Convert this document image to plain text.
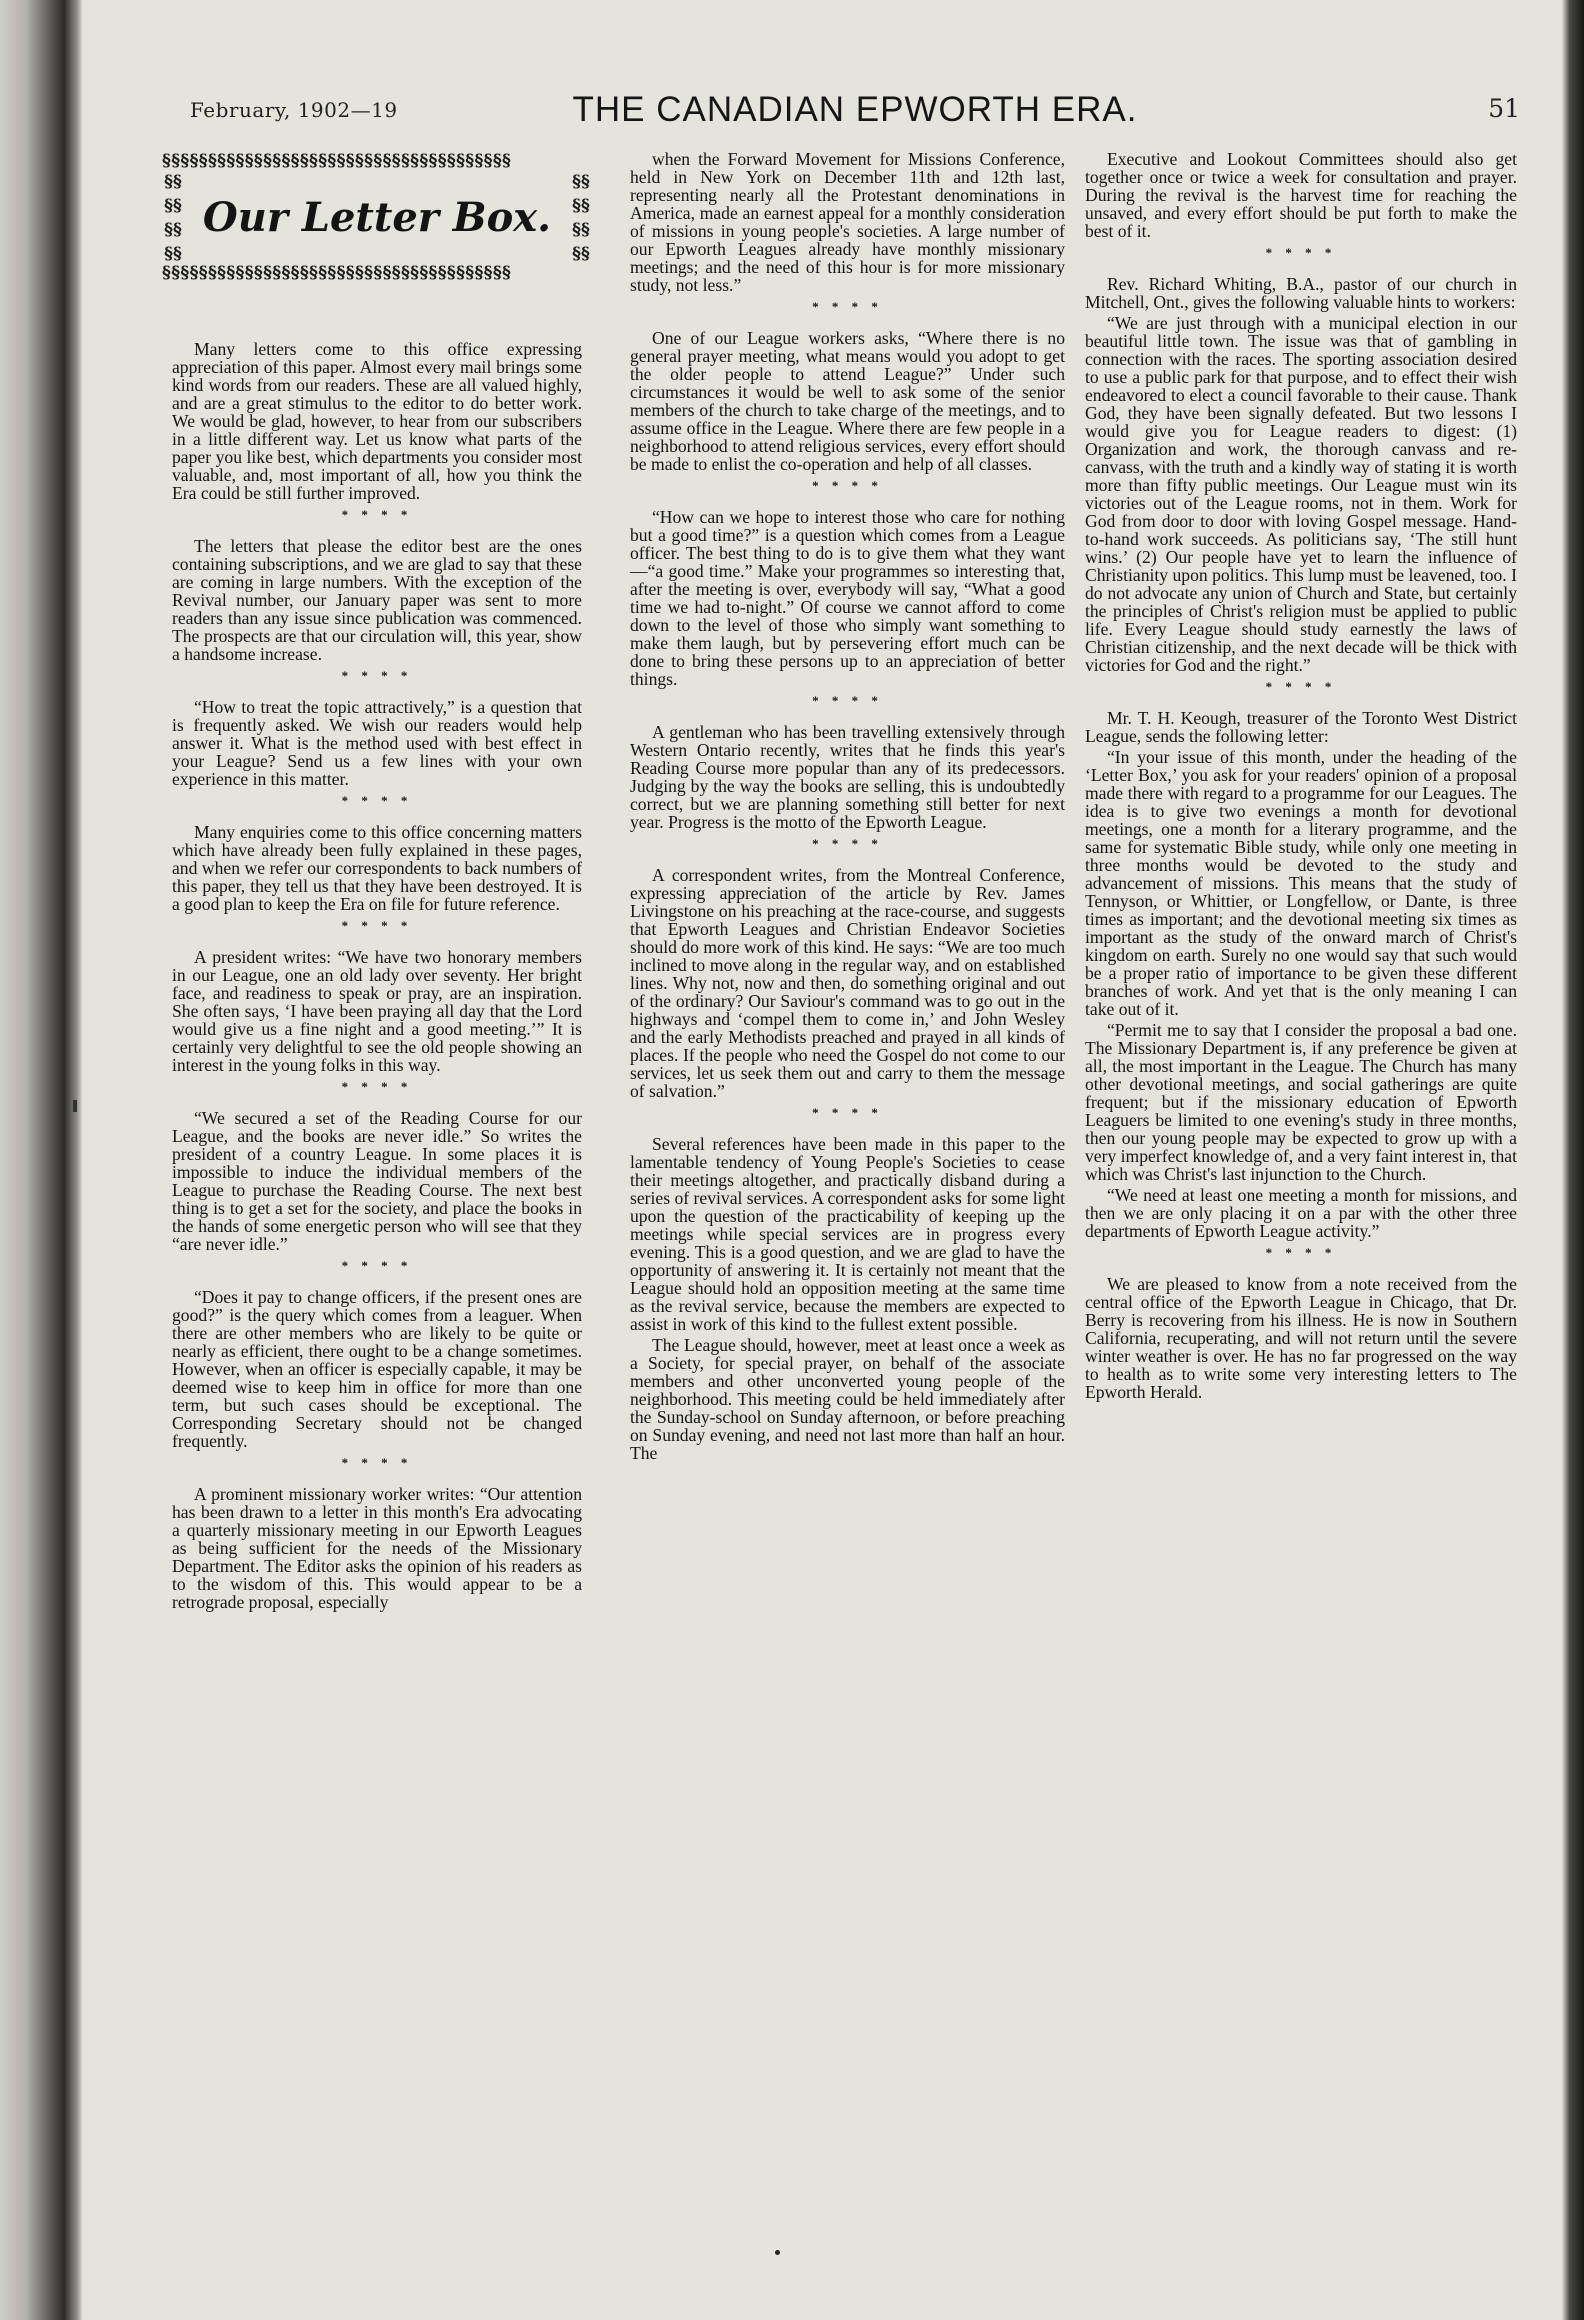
February, 1902—19	THE CANADIAN EPWORTH ERA.	51
§§§§§§§§§§§§§§§§§§§§§§§§§§§§§§§§§§§§§§
§§ §§ §§ §§
Our Letter Box.
§§ §§ §§ §§
§§§§§§§§§§§§§§§§§§§§§§§§§§§§§§§§§§§§§§

Many letters come to this office expressing appreciation of this paper. Almost every mail brings some kind words from our readers. These are all valued highly, and are a great stimulus to the editor to do better work. We would be glad, however, to hear from our subscribers in a little different way. Let us know what parts of the paper you like best, which departments you consider most valuable, and, most important of all, how you think the Era could be still further improved.

* * * *

The letters that please the editor best are the ones containing subscriptions, and we are glad to say that these are coming in large numbers. With the exception of the Revival number, our January paper was sent to more readers than any issue since publication was commenced. The prospects are that our circulation will, this year, show a handsome increase.

* * * *

“How to treat the topic attractively,” is a question that is frequently asked. We wish our readers would help answer it. What is the method used with best effect in your League? Send us a few lines with your own experience in this matter.

* * * *

Many enquiries come to this office concerning matters which have already been fully explained in these pages, and when we refer our correspondents to back numbers of this paper, they tell us that they have been destroyed. It is a good plan to keep the Era on file for future reference.

* * * *

A president writes: “We have two honorary members in our League, one an old lady over seventy. Her bright face, and readiness to speak or pray, are an inspiration. She often says, ‘I have been praying all day that the Lord would give us a fine night and a good meeting.’” It is certainly very delightful to see the old people showing an interest in the young folks in this way.

* * * *

“We secured a set of the Reading Course for our League, and the books are never idle.” So writes the president of a country League. In some places it is impossible to induce the individual members of the League to purchase the Reading Course. The next best thing is to get a set for the society, and place the books in the hands of some energetic person who will see that they “are never idle.”

* * * *

“Does it pay to change officers, if the present ones are good?” is the query which comes from a leaguer. When there are other members who are likely to be quite or nearly as efficient, there ought to be a change sometimes. However, when an officer is especially capable, it may be deemed wise to keep him in office for more than one term, but such cases should be exceptional. The Corresponding Secretary should not be changed frequently.

* * * *

A prominent missionary worker writes: “Our attention has been drawn to a letter in this month's Era advocating a quarterly missionary meeting in our Epworth Leagues as being sufficient for the needs of the Missionary Department. The Editor asks the opinion of his readers as to the wisdom of this. This would appear to be a retrograde proposal, especially

when the Forward Movement for Missions Conference, held in New York on December 11th and 12th last, representing nearly all the Protestant denominations in America, made an earnest appeal for a monthly consideration of missions in young people's societies. A large number of our Epworth Leagues already have monthly missionary meetings; and the need of this hour is for more missionary study, not less.”

* * * *

One of our League workers asks, “Where there is no general prayer meeting, what means would you adopt to get the older people to attend League?” Under such circumstances it would be well to ask some of the senior members of the church to take charge of the meetings, and to assume office in the League. Where there are few people in a neighborhood to attend religious services, every effort should be made to enlist the co-operation and help of all classes.

* * * *

“How can we hope to interest those who care for nothing but a good time?” is a question which comes from a League officer. The best thing to do is to give them what they want—“a good time.” Make your programmes so interesting that, after the meeting is over, everybody will say, “What a good time we had to-night.” Of course we cannot afford to come down to the level of those who simply want something to make them laugh, but by persevering effort much can be done to bring these persons up to an appreciation of better things.

* * * *

A gentleman who has been travelling extensively through Western Ontario recently, writes that he finds this year's Reading Course more popular than any of its predecessors. Judging by the way the books are selling, this is undoubtedly correct, but we are planning something still better for next year. Progress is the motto of the Epworth League.

* * * *

A correspondent writes, from the Montreal Conference, expressing appreciation of the article by Rev. James Livingstone on his preaching at the race-course, and suggests that Epworth Leagues and Christian Endeavor Societies should do more work of this kind. He says: “We are too much inclined to move along in the regular way, and on established lines. Why not, now and then, do something original and out of the ordinary? Our Saviour's command was to go out in the highways and ‘compel them to come in,’ and John Wesley and the early Methodists preached and prayed in all kinds of places. If the people who need the Gospel do not come to our services, let us seek them out and carry to them the message of salvation.”

* * * *

Several references have been made in this paper to the lamentable tendency of Young People's Societies to cease their meetings altogether, and practically disband during a series of revival services. A correspondent asks for some light upon the question of the practicability of keeping up the meetings while special services are in progress every evening. This is a good question, and we are glad to have the opportunity of answering it. It is certainly not meant that the League should hold an opposition meeting at the same time as the revival service, because the members are expected to assist in work of this kind to the fullest extent possible.

The League should, however, meet at least once a week as a Society, for special prayer, on behalf of the associate members and other unconverted young people of the neighborhood. This meeting could be held immediately after the Sunday-school on Sunday afternoon, or before preaching on Sunday evening, and need not last more than half an hour. The

Executive and Lookout Committees should also get together once or twice a week for consultation and prayer. During the revival is the harvest time for reaching the unsaved, and every effort should be put forth to make the best of it.

* * * *

Rev. Richard Whiting, B.A., pastor of our church in Mitchell, Ont., gives the following valuable hints to workers:

“We are just through with a municipal election in our beautiful little town. The issue was that of gambling in connection with the races. The sporting association desired to use a public park for that purpose, and to effect their wish endeavored to elect a council favorable to their cause. Thank God, they have been signally defeated. But two lessons I would give you for League readers to digest: (1) Organization and work, the thorough canvass and re-canvass, with the truth and a kindly way of stating it is worth more than fifty public meetings. Our League must win its victories out of the League rooms, not in them. Work for God from door to door with loving Gospel message. Hand-to-hand work succeeds. As politicians say, ‘The still hunt wins.’ (2) Our people have yet to learn the influence of Christianity upon politics. This lump must be leavened, too. I do not advocate any union of Church and State, but certainly the principles of Christ's religion must be applied to public life. Every League should study earnestly the laws of Christian citizenship, and the next decade will be thick with victories for God and the right.”

* * * *

Mr. T. H. Keough, treasurer of the Toronto West District League, sends the following letter:

“In your issue of this month, under the heading of the ‘Letter Box,’ you ask for your readers' opinion of a proposal made there with regard to a programme for our Leagues. The idea is to give two evenings a month for devotional meetings, one a month for a literary programme, and the same for systematic Bible study, while only one meeting in three months would be devoted to the study and advancement of missions. This means that the study of Tennyson, or Whittier, or Longfellow, or Dante, is three times as important; and the devotional meeting six times as important as the study of the onward march of Christ's kingdom on earth. Surely no one would say that such would be a proper ratio of importance to be given these different branches of work. And yet that is the only meaning I can take out of it.

“Permit me to say that I consider the proposal a bad one. The Missionary Department is, if any preference be given at all, the most important in the League. The Church has many other devotional meetings, and social gatherings are quite frequent; but if the missionary education of Epworth Leaguers be limited to one evening's study in three months, then our young people may be expected to grow up with a very imperfect knowledge of, and a very faint interest in, that which was Christ's last injunction to the Church.

“We need at least one meeting a month for missions, and then we are only placing it on a par with the other three departments of Epworth League activity.”

* * * *

We are pleased to know from a note received from the central office of the Epworth League in Chicago, that Dr. Berry is recovering from his illness. He is now in Southern California, recuperating, and will not return until the severe winter weather is over. He has no far progressed on the way to health as to write some very interesting letters to The Epworth Herald.
